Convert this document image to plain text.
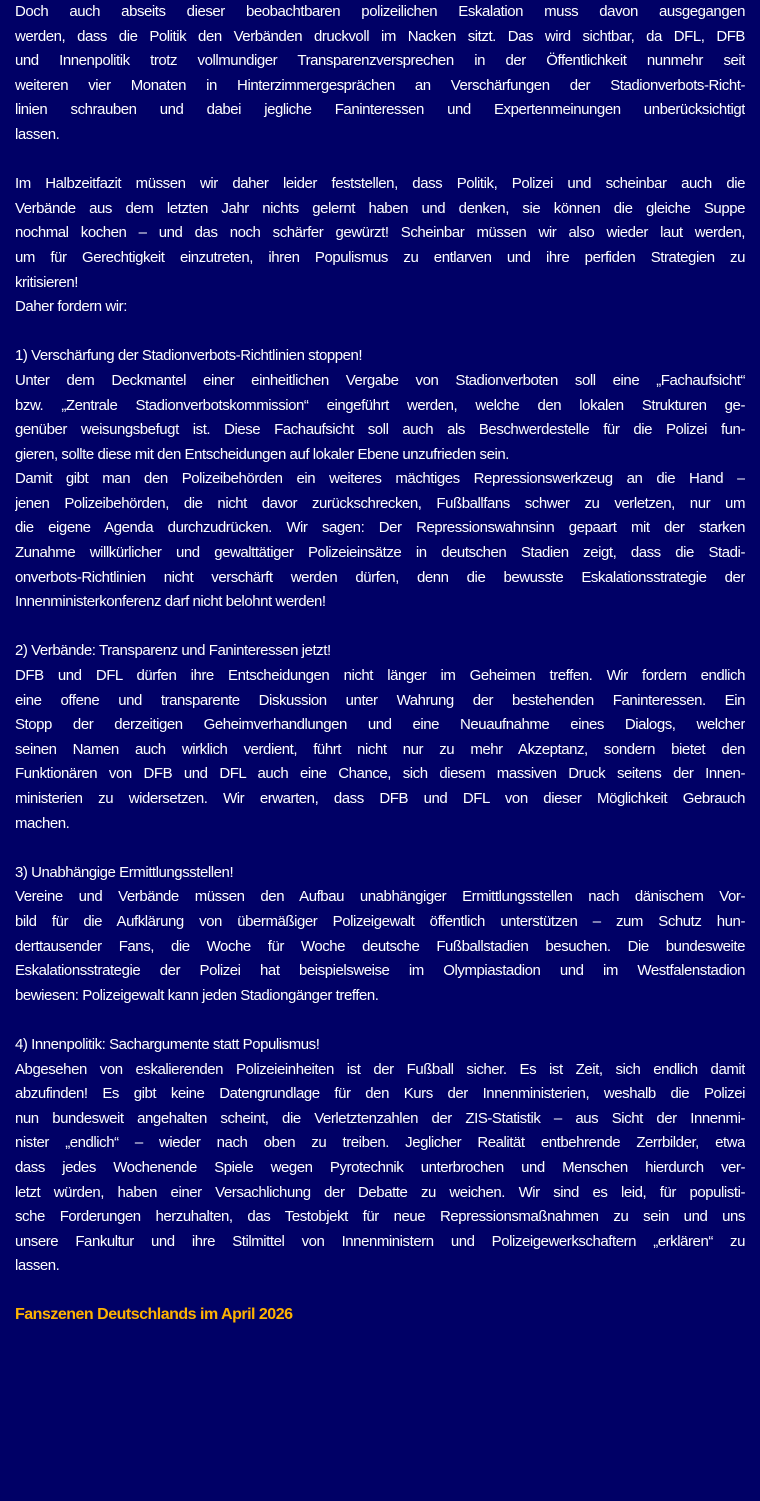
Doch auch abseits dieser beobachtbaren polizeilichen Eskalation muss davon ausgegangen
werden, dass die Politik den Verbänden druckvoll im Nacken sitzt. Das wird sichtbar, da DFL, DFB
und Innenpolitik trotz vollmundiger Transparenzversprechen in der Öffentlichkeit nunmehr seit
weiteren vier Monaten in Hinterzimmergesprächen an Verschärfungen der Stadionverbots-Richt-
linien schrauben und dabei jegliche Faninteressen und Expertenmeinungen unberücksichtigt
lassen.
Im Halbzeitfazit müssen wir daher leider feststellen, dass Politik, Polizei und scheinbar auch die
Verbände aus dem letzten Jahr nichts gelernt haben und denken, sie können die gleiche Suppe
nochmal kochen – und das noch schärfer gewürzt! Scheinbar müssen wir also wieder laut werden,
um für Gerechtigkeit einzutreten, ihren Populismus zu entlarven und ihre perfiden Strategien zu
kritisieren!
Daher fordern wir:
1) Verschärfung der Stadionverbots-Richtlinien stoppen!
Unter dem Deckmantel einer einheitlichen Vergabe von Stadionverboten soll eine „Fachaufsicht“
bzw. „Zentrale Stadionverbotskommission“ eingeführt werden, welche den lokalen Strukturen ge-
genüber weisungsbefugt ist. Diese Fachaufsicht soll auch als Beschwerdestelle für die Polizei fun-
gieren, sollte diese mit den Entscheidungen auf lokaler Ebene unzufrieden sein.
Damit gibt man den Polizeibehörden ein weiteres mächtiges Repressionswerkzeug an die Hand –
jenen Polizeibehörden, die nicht davor zurückschrecken, Fußballfans schwer zu verletzen, nur um
die eigene Agenda durchzudrücken. Wir sagen: Der Repressionswahnsinn gepaart mit der starken
Zunahme willkürlicher und gewalttätiger Polizeieinsätze in deutschen Stadien zeigt, dass die Stadi-
onverbots-Richtlinien nicht verschärft werden dürfen, denn die bewusste Eskalationsstrategie der
Innenministerkonferenz darf nicht belohnt werden!
2) Verbände: Transparenz und Faninteressen jetzt!
DFB und DFL dürfen ihre Entscheidungen nicht länger im Geheimen treffen. Wir fordern endlich
eine offene und transparente Diskussion unter Wahrung der bestehenden Faninteressen. Ein
Stopp der derzeitigen Geheimverhandlungen und eine Neuaufnahme eines Dialogs, welcher
seinen Namen auch wirklich verdient, führt nicht nur zu mehr Akzeptanz, sondern bietet den
Funktionären von DFB und DFL auch eine Chance, sich diesem massiven Druck seitens der Innen-
ministerien zu widersetzen. Wir erwarten, dass DFB und DFL von dieser Möglichkeit Gebrauch
machen.
3) Unabhängige Ermittlungsstellen!
Vereine und Verbände müssen den Aufbau unabhängiger Ermittlungsstellen nach dänischem Vor-
bild für die Aufklärung von übermäßiger Polizeigewalt öffentlich unterstützen – zum Schutz hun-
derttausender Fans, die Woche für Woche deutsche Fußballstadien besuchen. Die bundesweite
Eskalationsstrategie der Polizei hat beispielsweise im Olympiastadion und im Westfalenstadion
bewiesen: Polizeigewalt kann jeden Stadiongänger treffen.
4) Innenpolitik: Sachargumente statt Populismus!
Abgesehen von eskalierenden Polizeieinheiten ist der Fußball sicher. Es ist Zeit, sich endlich damit
abzufinden! Es gibt keine Datengrundlage für den Kurs der Innenministerien, weshalb die Polizei
nun bundesweit angehalten scheint, die Verletztenzahlen der ZIS-Statistik – aus Sicht der Innenmi-
nister „endlich“ – wieder nach oben zu treiben. Jeglicher Realität entbehrende Zerrbilder, etwa
dass jedes Wochenende Spiele wegen Pyrotechnik unterbrochen und Menschen hierdurch ver-
letzt würden, haben einer Versachlichung der Debatte zu weichen. Wir sind es leid, für populisti-
sche Forderungen herzuhalten, das Testobjekt für neue Repressionsmaßnahmen zu sein und uns
unsere Fankultur und ihre Stilmittel von Innenministern und Polizeigewerkschaftern „erklären“ zu
lassen.
Fanszenen Deutschlands im April 2026
